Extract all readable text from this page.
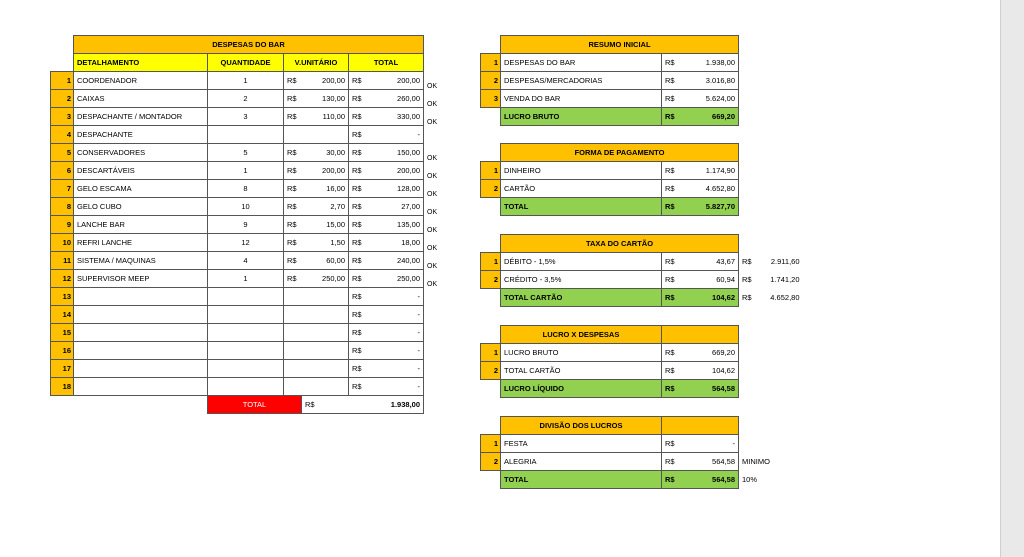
	DESPESAS DO BAR						
	DETALHAMENTO	QUANTIDADE	V.UNITÁRIO		TOTAL		
1	COORDENADOR	1	R$	200,00	R$	200,00	OK
2	CAIXAS	2	R$	130,00	R$	260,00	OK
3	DESPACHANTE / MONTADOR	3	R$	110,00	R$	330,00	OK
4	DESPACHANTE				R$	-	
5	CONSERVADORES	5	R$	30,00	R$	150,00	OK
6	DESCARTÁVEIS	1	R$	200,00	R$	200,00	OK
7	GELO ESCAMA	8	R$	16,00	R$	128,00	OK
8	GELO CUBO	10	R$	2,70	R$	27,00	OK
9	LANCHE BAR	9	R$	15,00	R$	135,00	OK
10	REFRI LANCHE	12	R$	1,50	R$	18,00	OK
11	SISTEMA / MAQUINAS	4	R$	60,00	R$	240,00	OK
12	SUPERVISOR MEEP	1	R$	250,00	R$	250,00	OK
13					R$	-	
14					R$	-	
15					R$	-	
16					R$	-	
17					R$	-	
18					R$	-	
		TOTAL		R$	1.938,00		
	RESUMO INICIAL		
1	DESPESAS DO BAR	R$	1.938,00
2	DESPESAS/MERCADORIAS	R$	3.016,80
3	VENDA DO BAR	R$	5.624,00
	LUCRO BRUTO	R$	669,20
	FORMA DE PAGAMENTO		
1	DINHEIRO	R$	1.174,90
2	CARTÃO	R$	4.652,80
	TOTAL	R$	5.827,70
	TAXA DO CARTÃO				
1	DÉBITO - 1,5%	R$	43,67	R$	2.911,60
2	CRÉDITO - 3,5%	R$	60,94	R$	1.741,20
	TOTAL CARTÃO	R$	104,62	R$	4.652,80
	LUCRO X DESPESAS		
1	LUCRO BRUTO	R$	669,20
2	TOTAL CARTÃO	R$	104,62
	LUCRO LÍQUIDO	R$	564,58
	DIVISÃO DOS LUCROS			
1	FESTA	R$	-	
2	ALEGRIA	R$	564,58	MINIMO
	TOTAL	R$	564,58	10%
